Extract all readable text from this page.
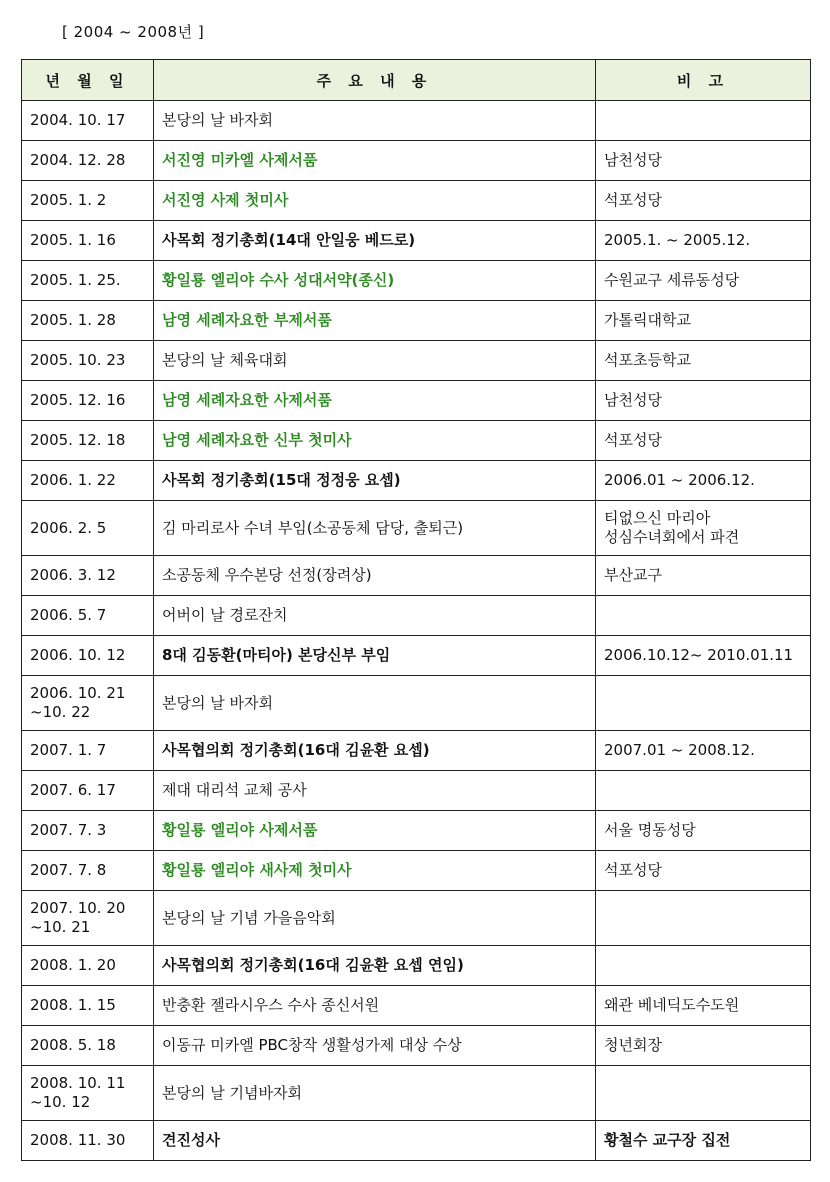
[ 2004 ~ 2008년 ]
년 월 일	주 요 내 용	비 고
2004. 10. 17	본당의 날 바자회	
2004. 12. 28	서진영 미카엘 사제서품	남천성당
2005. 1. 2	서진영 사제 첫미사	석포성당
2005. 1. 16	사목회 정기총회(14대 안일웅 베드로)	2005.1. ~ 2005.12.
2005. 1. 25.	황일룡 엘리야 수사 성대서약(종신)	수원교구 세류동성당
2005. 1. 28	남영 세례자요한 부제서품	가톨릭대학교
2005. 10. 23	본당의 날 체육대회	석포초등학교
2005. 12. 16	남영 세례자요한 사제서품	남천성당
2005. 12. 18	남영 세례자요한 신부 첫미사	석포성당
2006. 1. 22	사목회 정기총회(15대 정정웅 요셉)	2006.01 ~ 2006.12.
2006. 2. 5	김 마리로사 수녀 부임(소공동체 담당, 출퇴근)	티없으신 마리아
성심수녀회에서 파견
2006. 3. 12	소공동체 우수본당 선정(장려상)	부산교구
2006. 5. 7	어버이 날 경로잔치	
2006. 10. 12	8대 김동환(마티아) 본당신부 부임	2006.10.12~ 2010.01.11
2006. 10. 21
~10. 22	본당의 날 바자회	
2007. 1. 7	사목협의회 정기총회(16대 김윤환 요셉)	2007.01 ~ 2008.12.
2007. 6. 17	제대 대리석 교체 공사	
2007. 7. 3	황일룡 엘리야 사제서품	서울 명동성당
2007. 7. 8	황일룡 엘리야 새사제 첫미사	석포성당
2007. 10. 20
~10. 21	본당의 날 기념 가을음악회	
2008. 1. 20	사목협의회 정기총회(16대 김윤환 요셉 연임)	
2008. 1. 15	반충환 젤라시우스 수사 종신서원	왜관 베네딕도수도원
2008. 5. 18	이동규 미카엘 PBC창작 생활성가제 대상 수상	청년회장
2008. 10. 11
~10. 12	본당의 날 기념바자회	
2008. 11. 30	견진성사	황철수 교구장 집전
